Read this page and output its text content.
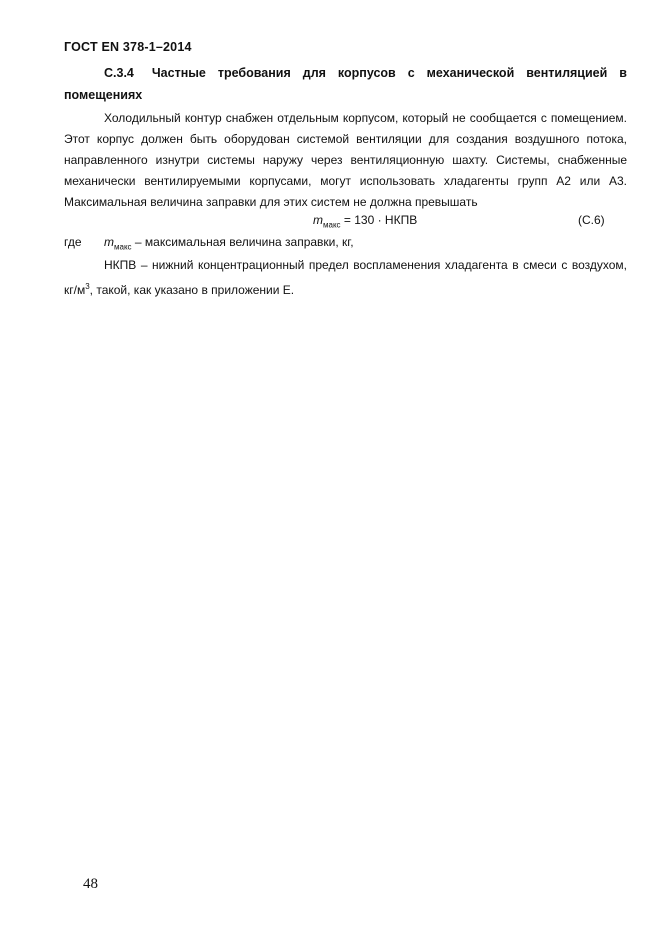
ГОСТ EN 378-1–2014
С.3.4 Частные требования для корпусов с механической вентиляцией в
помещениях

Холодильный контур снабжен отдельным корпусом, который не сообщается с помещением. Этот корпус должен быть оборудован системой вентиляции для создания воздушного потока, направленного изнутри системы наружу через вентиляционную шахту. Системы, снабженные механически вентилируемыми корпусами, могут использовать хладагенты групп А2 или А3. Максимальная величина заправки для этих систем не должна превышать

$m_{макс} = 130$ · НКПВ	(С.6)
где $m_{макс}$ – максимальная величина заправки, кг,

НКПВ – нижний концентрационный предел воспламенения хладагента в смеси с воздухом, $кг/м^3$, такой, как указано в приложении Е.

48
